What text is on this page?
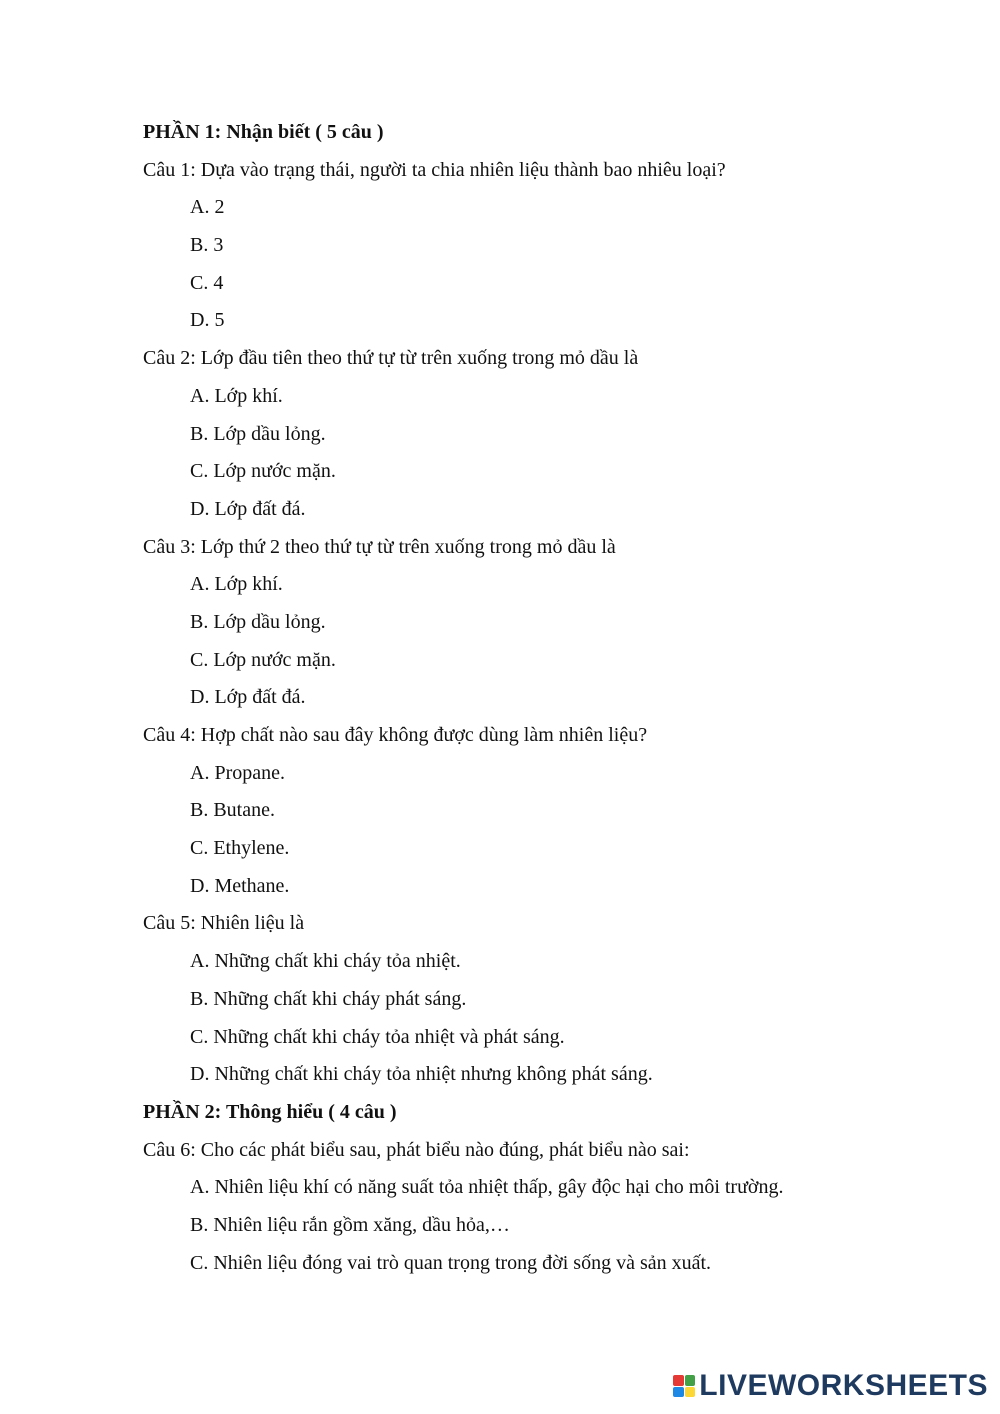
PHẦN 1: Nhận biết ( 5 câu )
Câu 1: Dựa vào trạng thái, người ta chia nhiên liệu thành bao nhiêu loại?
A. 2
B. 3
C. 4
D. 5
Câu 2: Lớp đầu tiên theo thứ tự từ trên xuống trong mỏ dầu là
A. Lớp khí.
B. Lớp dầu lỏng.
C. Lớp nước mặn.
D. Lớp đất đá.
Câu 3: Lớp thứ 2 theo thứ tự từ trên xuống trong mỏ dầu là
A. Lớp khí.
B. Lớp dầu lỏng.
C. Lớp nước mặn.
D. Lớp đất đá.
Câu 4: Hợp chất nào sau đây không được dùng làm nhiên liệu?
A. Propane.
B. Butane.
C. Ethylene.
D. Methane.
Câu 5: Nhiên liệu là
A. Những chất khi cháy tỏa nhiệt.
B. Những chất khi cháy phát sáng.
C. Những chất khi cháy tỏa nhiệt và phát sáng.
D. Những chất khi cháy tỏa nhiệt nhưng không phát sáng.
PHẦN 2: Thông hiểu ( 4 câu )
Câu 6: Cho các phát biểu sau, phát biểu nào đúng, phát biểu nào sai:
A. Nhiên liệu khí có năng suất tỏa nhiệt thấp, gây độc hại cho môi trường.
B. Nhiên liệu rắn gồm xăng, dầu hỏa,…
C. Nhiên liệu đóng vai trò quan trọng trong đời sống và sản xuất.
LIVEWORKSHEETS
